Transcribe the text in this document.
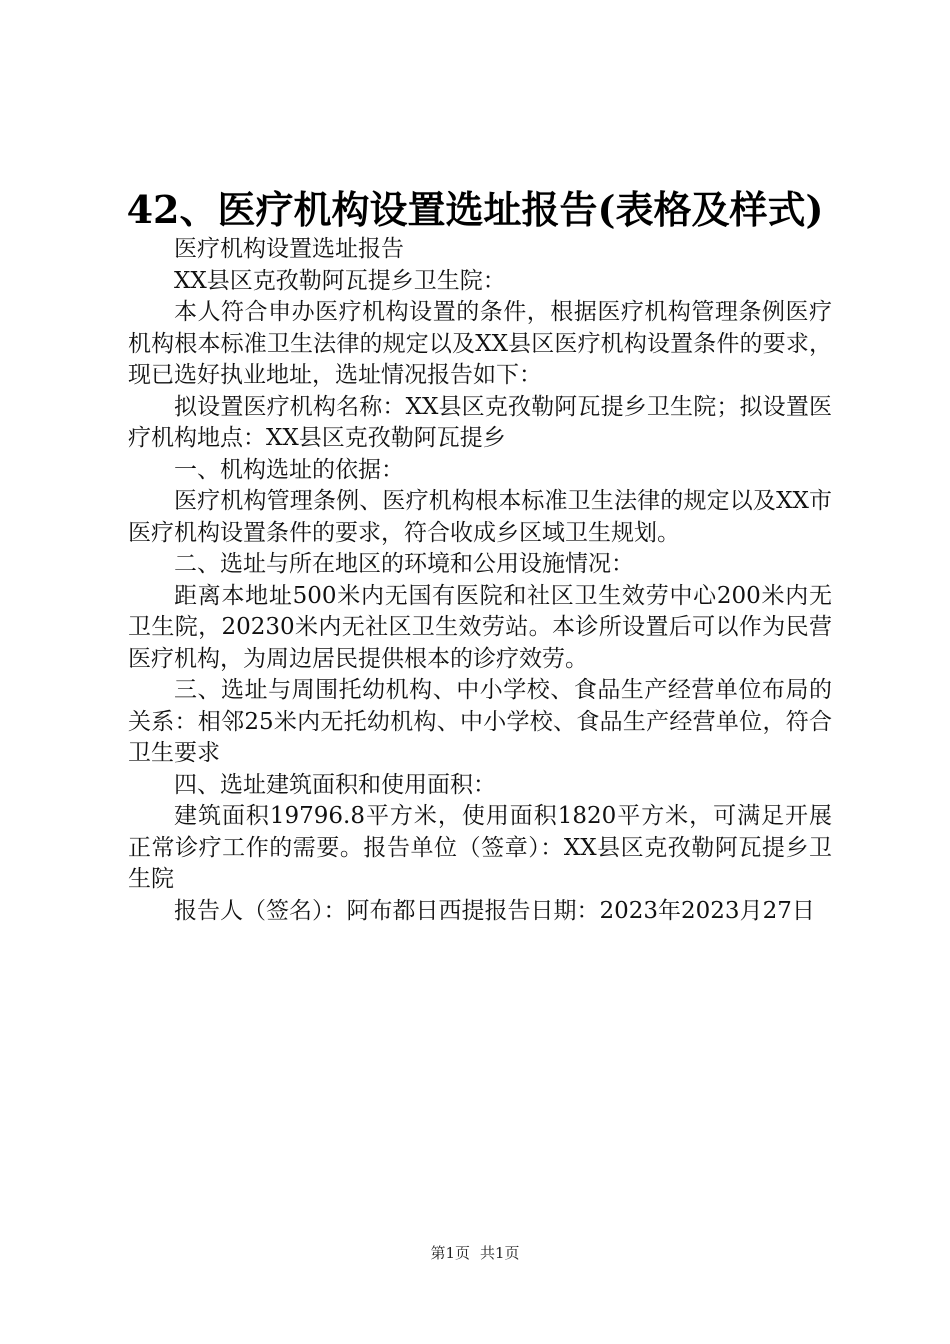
42、医疗机构设置选址报告(表格及样式)

医疗机构设置选址报告

XX县区克孜勒阿瓦提乡卫生院：

本人符合申办医疗机构设置的条件，根据医疗机构管理条例医疗机构根本标准卫生法律的规定以及XX县区医疗机构设置条件的要求，现已选好执业地址，选址情况报告如下：

拟设置医疗机构名称：XX县区克孜勒阿瓦提乡卫生院；拟设置医疗机构地点：XX县区克孜勒阿瓦提乡

一、机构选址的依据：

医疗机构管理条例、医疗机构根本标准卫生法律的规定以及XX市医疗机构设置条件的要求，符合收成乡区域卫生规划。

二、选址与所在地区的环境和公用设施情况：

距离本地址500米内无国有医院和社区卫生效劳中心200米内无卫生院，20230米内无社区卫生效劳站。本诊所设置后可以作为民营医疗机构，为周边居民提供根本的诊疗效劳。

三、选址与周围托幼机构、中小学校、食品生产经营单位布局的关系：相邻25米内无托幼机构、中小学校、食品生产经营单位，符合卫生要求

四、选址建筑面积和使用面积：

建筑面积19796.8平方米，使用面积1820平方米，可满足开展正常诊疗工作的需要。报告单位（签章）：XX县区克孜勒阿瓦提乡卫生院

报告人（签名）：阿布都日西提报告日期：2023年2023月27日

第1页 共1页
